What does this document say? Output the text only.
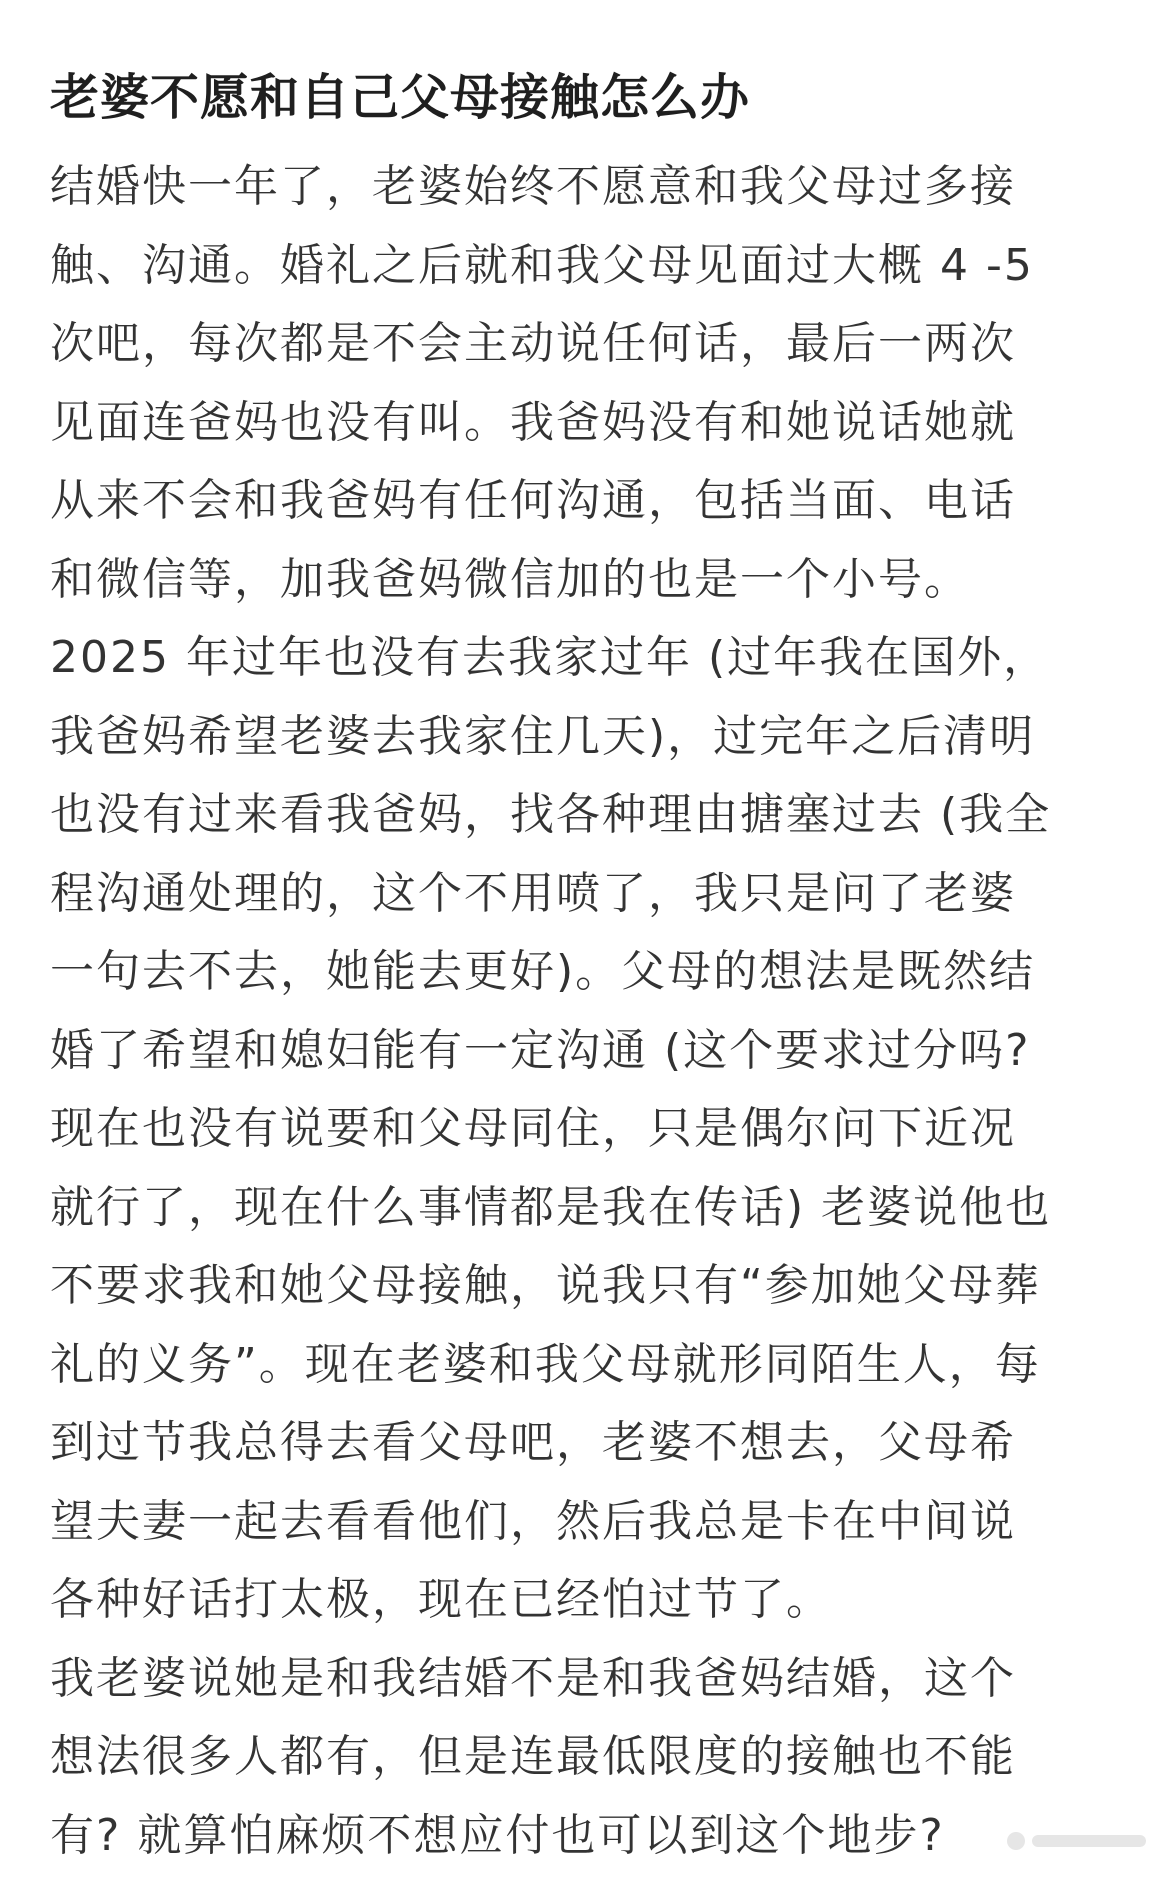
老婆不愿和自己父母接触怎么办
结婚快一年了，老婆始终不愿意和我父母过多接
触、沟通。婚礼之后就和我父母见面过大概 4 -5
次吧，每次都是不会主动说任何话，最后一两次
见面连爸妈也没有叫。我爸妈没有和她说话她就
从来不会和我爸妈有任何沟通，包括当面、电话
和微信等，加我爸妈微信加的也是一个小号。
2025 年过年也没有去我家过年 (过年我在国外，
我爸妈希望老婆去我家住几天)，过完年之后清明
也没有过来看我爸妈，找各种理由搪塞过去 (我全
程沟通处理的，这个不用喷了，我只是问了老婆
一句去不去，她能去更好)。父母的想法是既然结
婚了希望和媳妇能有一定沟通 (这个要求过分吗?
现在也没有说要和父母同住，只是偶尔问下近况
就行了，现在什么事情都是我在传话) 老婆说他也
不要求我和她父母接触，说我只有“参加她父母葬
礼的义务”。现在老婆和我父母就形同陌生人，每
到过节我总得去看父母吧，老婆不想去，父母希
望夫妻一起去看看他们，然后我总是卡在中间说
各种好话打太极，现在已经怕过节了。
我老婆说她是和我结婚不是和我爸妈结婚，这个
想法很多人都有，但是连最低限度的接触也不能
有? 就算怕麻烦不想应付也可以到这个地步?
